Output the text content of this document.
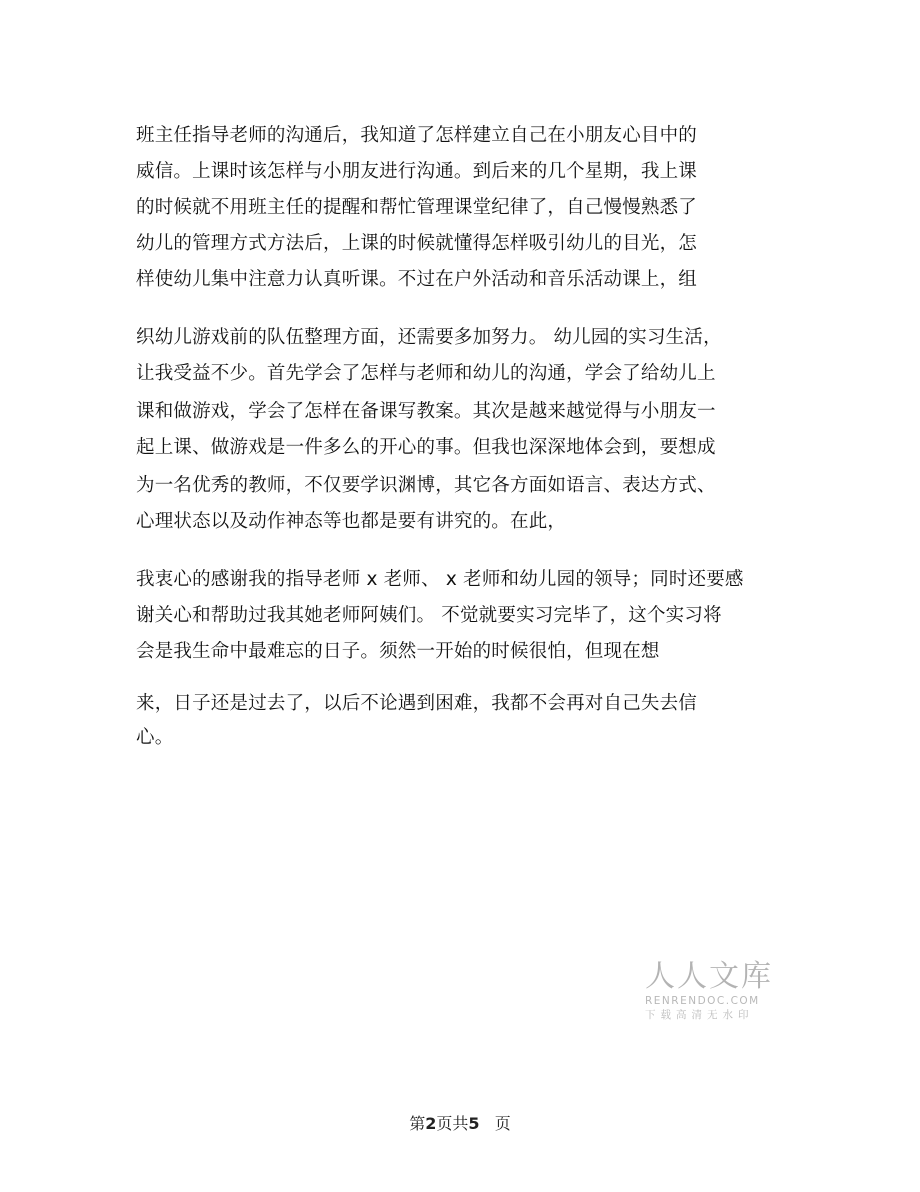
班主任指导老师的沟通后，我知道了怎样建立自己在小朋友心目中的
威信。上课时该怎样与小朋友进行沟通。到后来的几个星期，我上课
的时候就不用班主任的提醒和帮忙管理课堂纪律了，自己慢慢熟悉了
幼儿的管理方式方法后，上课的时候就懂得怎样吸引幼儿的目光，怎
样使幼儿集中注意力认真听课。不过在户外活动和音乐活动课上，组
织幼儿游戏前的队伍整理方面，还需要多加努力。 幼儿园的实习生活，
让我受益不少。首先学会了怎样与老师和幼儿的沟通，学会了给幼儿上
课和做游戏，学会了怎样在备课写教案。其次是越来越觉得与小朋友一
起上课、做游戏是一件多么的开心的事。但我也深深地体会到，要想成
为一名优秀的教师，不仅要学识渊博，其它各方面如语言、表达方式、
心理状态以及动作神态等也都是要有讲究的。在此，
我衷心的感谢我的指导老师 x 老师、 x 老师和幼儿园的领导；同时还要感
谢关心和帮助过我其她老师阿姨们。 不觉就要实习完毕了，这个实习将
会是我生命中最难忘的日子。须然一开始的时候很怕，但现在想
来，日子还是过去了，以后不论遇到困难，我都不会再对自己失去信
心。
人人文库
RENRENDOC.COM
下载高清无水印
第2页共5 页
